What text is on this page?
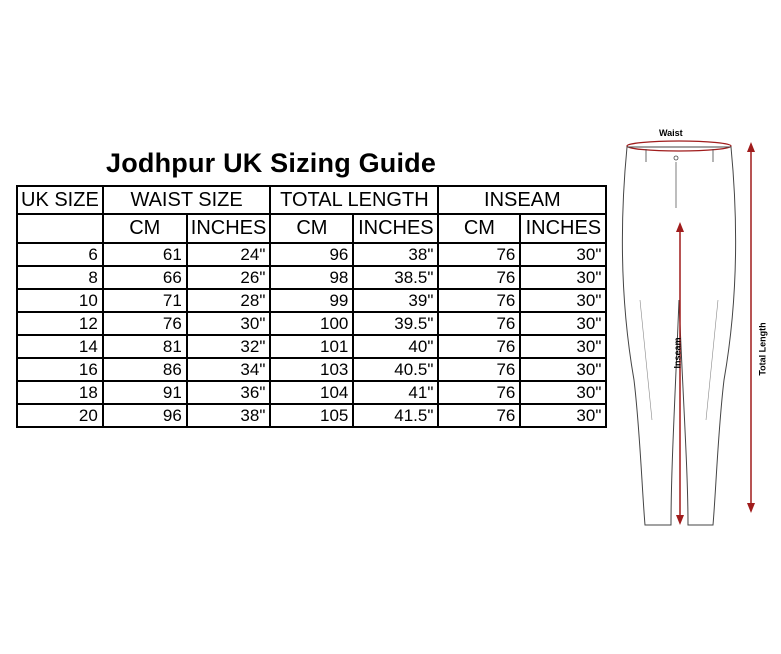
Jodhpur UK Sizing Guide
UK SIZE	WAIST SIZE		TOTAL LENGTH		INSEAM	
	CM	INCHES	CM	INCHES	CM	INCHES
6	61	24"	96	38"	76	30"
8	66	26"	98	38.5"	76	30"
10	71	28"	99	39"	76	30"
12	76	30"	100	39.5"	76	30"
14	81	32"	101	40"	76	30"
16	86	34"	103	40.5"	76	30"
18	91	36"	104	41"	76	30"
20	96	38"	105	41.5"	76	30"
Waist
Inseam	Total Length
